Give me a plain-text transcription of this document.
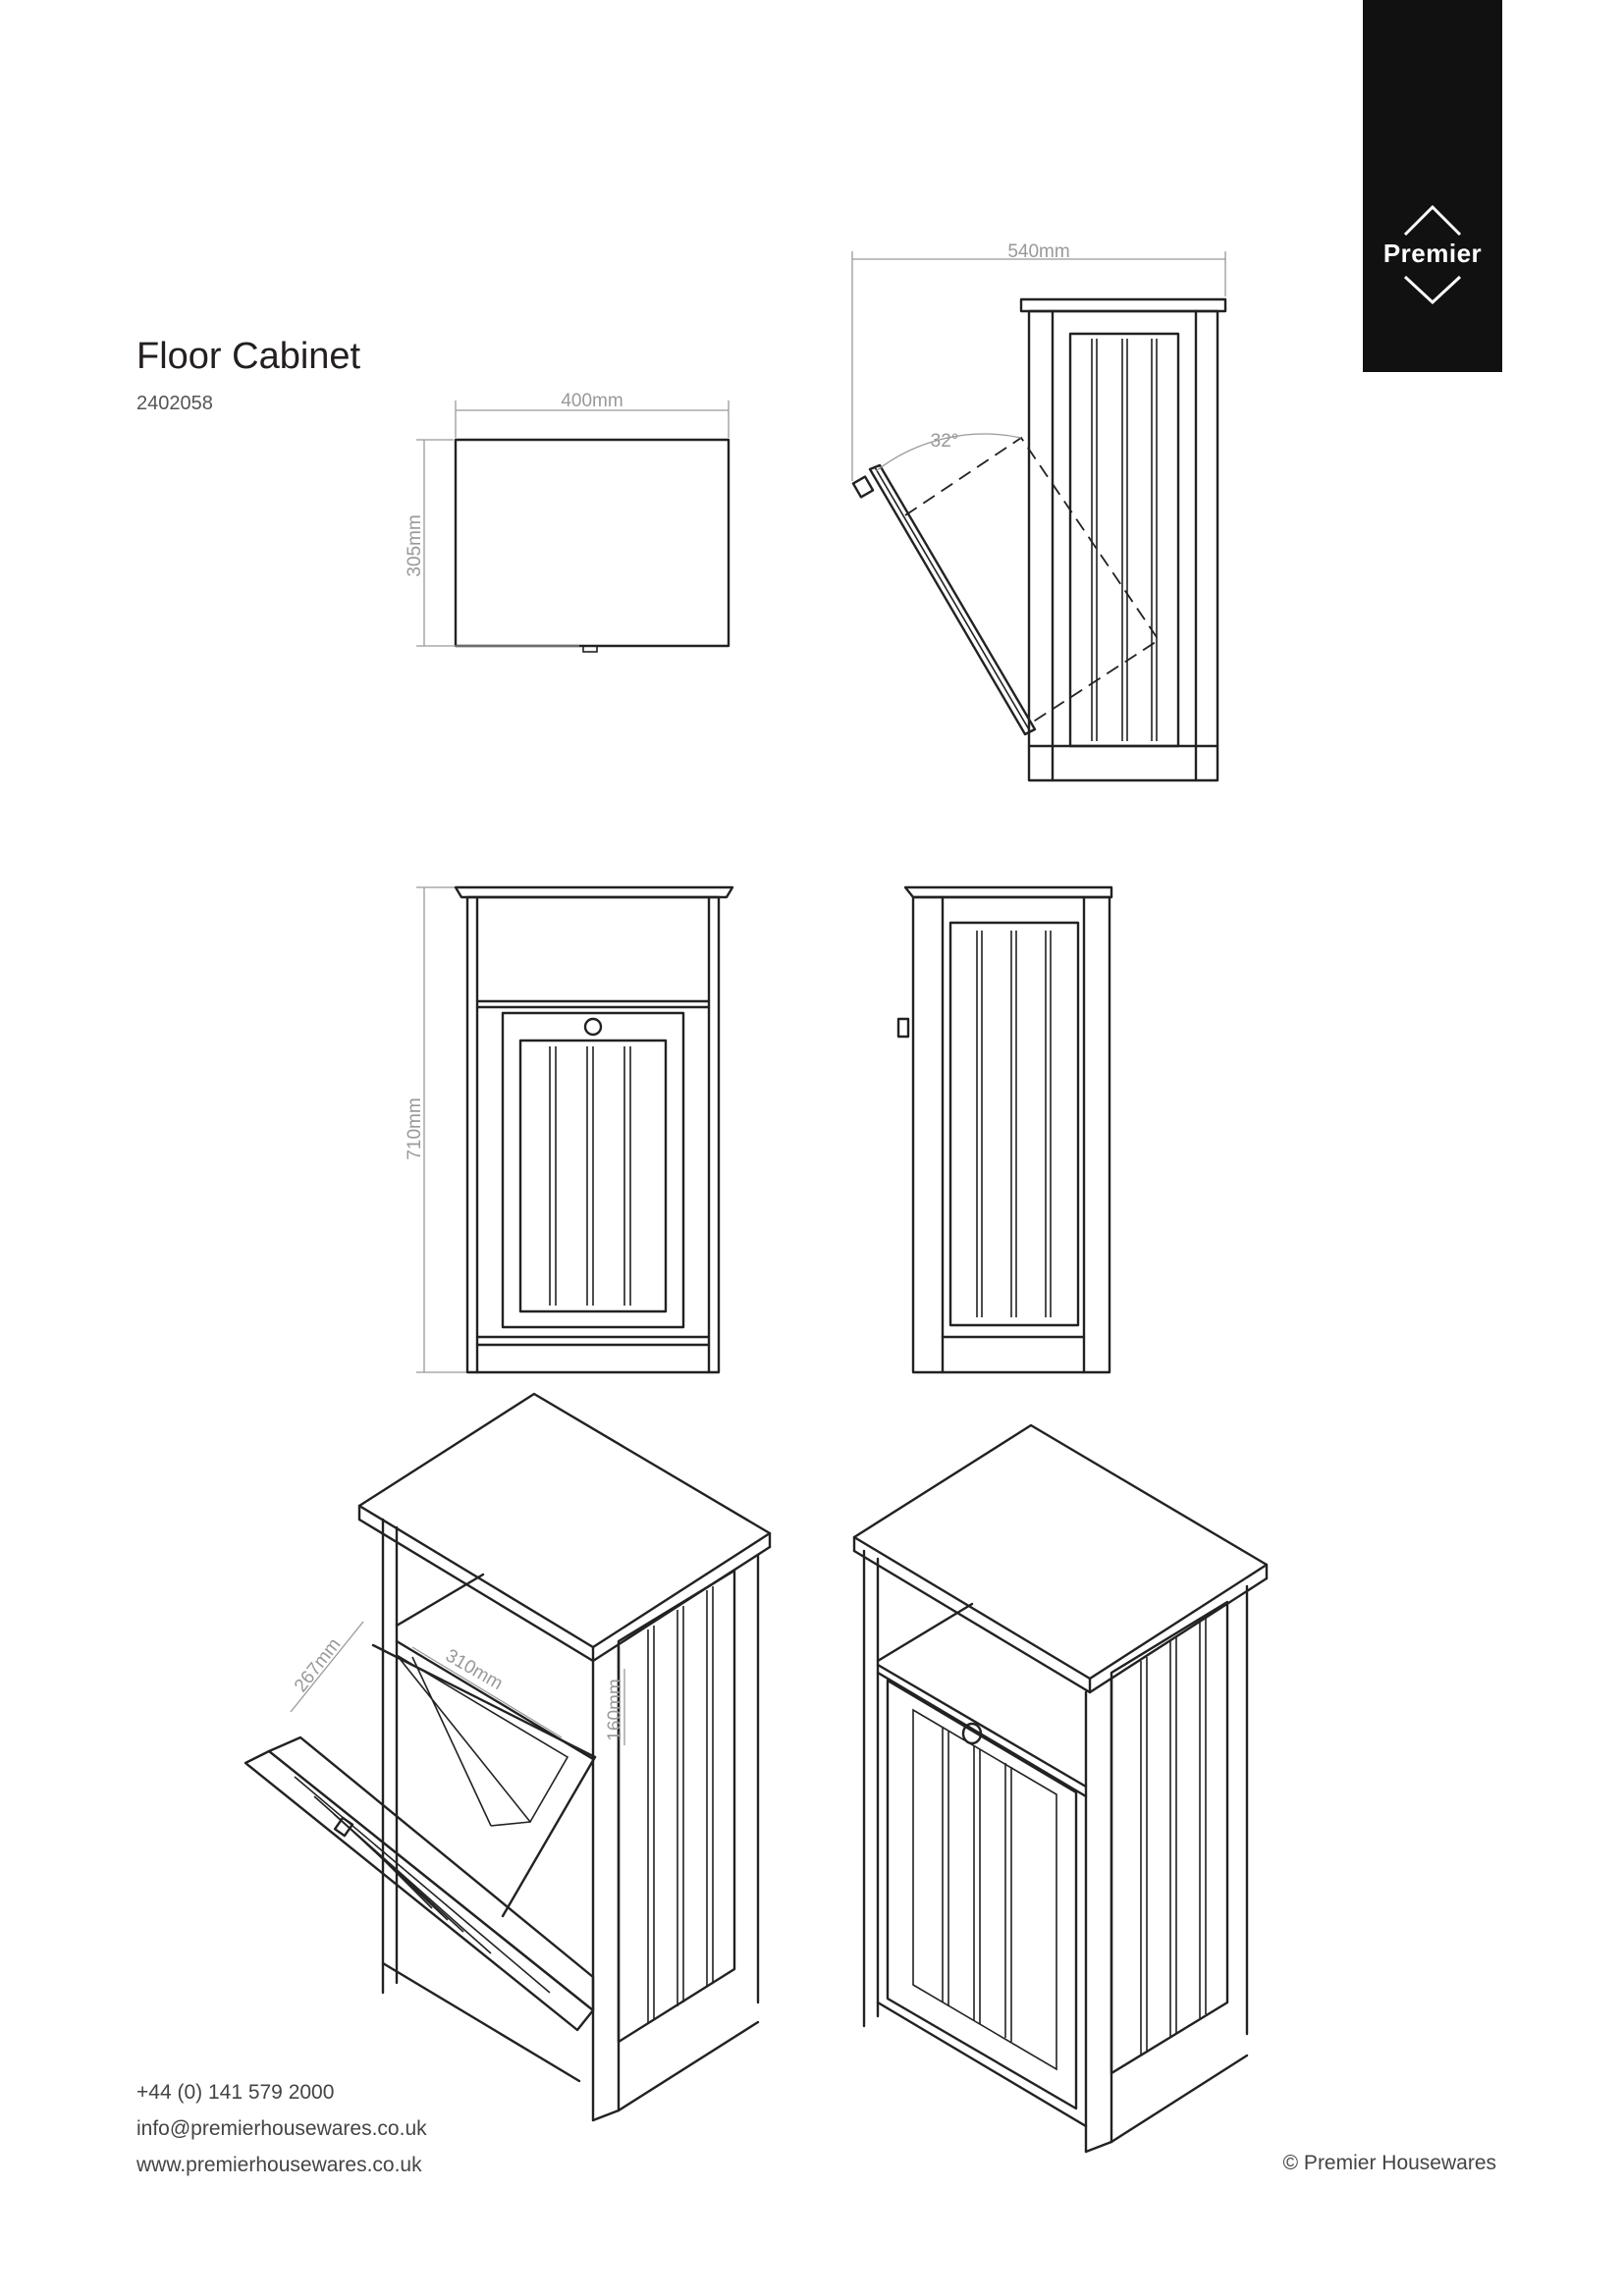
Premier
Floor Cabinet
2402058	400mm
305mm
540mm
32°
710mm
267mm	310mm
160mm
+44 (0) 141 579 2000
info@premierhousewares.co.uk
www.premierhousewares.co.uk	© Premier Housewares
